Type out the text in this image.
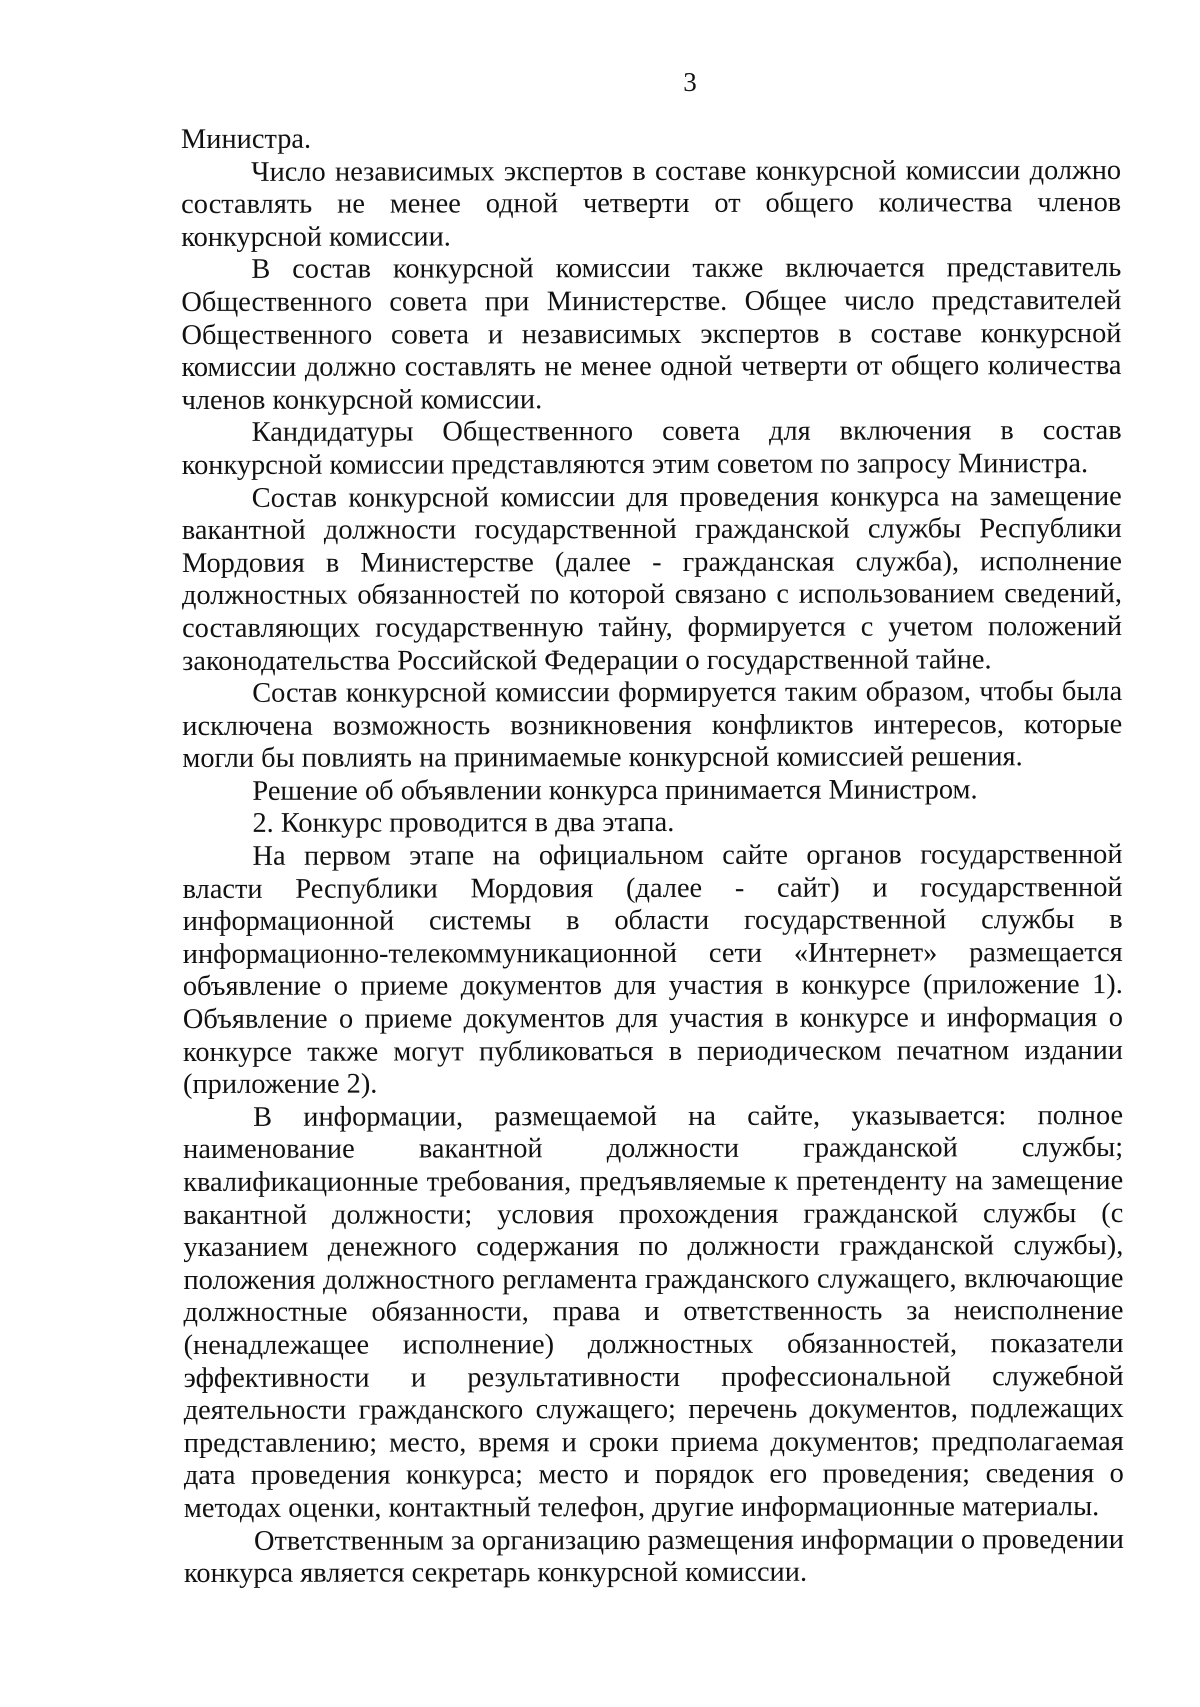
3

Министра.

Число независимых экспертов в составе конкурсной комиссии должно составлять не менее одной четверти от общего количества членов конкурсной комиссии.

В состав конкурсной комиссии также включается представитель Общественного совета при Министерстве. Общее число представителей Общественного совета и независимых экспертов в составе конкурсной комиссии должно составлять не менее одной четверти от общего количества членов конкурсной комиссии.

Кандидатуры Общественного совета для включения в состав конкурсной комиссии представляются этим советом по запросу Министра.

Состав конкурсной комиссии для проведения конкурса на замещение вакантной должности государственной гражданской службы Республики Мордовия в Министерстве (далее - гражданская служба), исполнение должностных обязанностей по которой связано с использованием сведений, составляющих государственную тайну, формируется с учетом положений законодательства Российской Федерации о государственной тайне.

Состав конкурсной комиссии формируется таким образом, чтобы была исключена возможность возникновения конфликтов интересов, которые могли бы повлиять на принимаемые конкурсной комиссией решения.

Решение об объявлении конкурса принимается Министром.

2. Конкурс проводится в два этапа.

На первом этапе на официальном сайте органов государственной власти Республики Мордовия (далее - сайт) и государственной информационной системы в области государственной службы в информационно-телекоммуникационной сети «Интернет» размещается объявление о приеме документов для участия в конкурсе (приложение 1). Объявление о приеме документов для участия в конкурсе и информация о конкурсе также могут публиковаться в периодическом печатном издании (приложение 2).

В информации, размещаемой на сайте, указывается: полное наименование вакантной должности гражданской службы; квалификационные требования, предъявляемые к претенденту на замещение вакантной должности; условия прохождения гражданской службы (с указанием денежного содержания по должности гражданской службы), положения должностного регламента гражданского служащего, включающие должностные обязанности, права и ответственность за неисполнение (ненадлежащее исполнение) должностных обязанностей, показатели эффективности и результативности профессиональной служебной деятельности гражданского служащего; перечень документов, подлежащих представлению; место, время и сроки приема документов; предполагаемая дата проведения конкурса; место и порядок его проведения; сведения о методах оценки, контактный телефон, другие информационные материалы.

Ответственным за организацию размещения информации о проведении конкурса является секретарь конкурсной комиссии.
